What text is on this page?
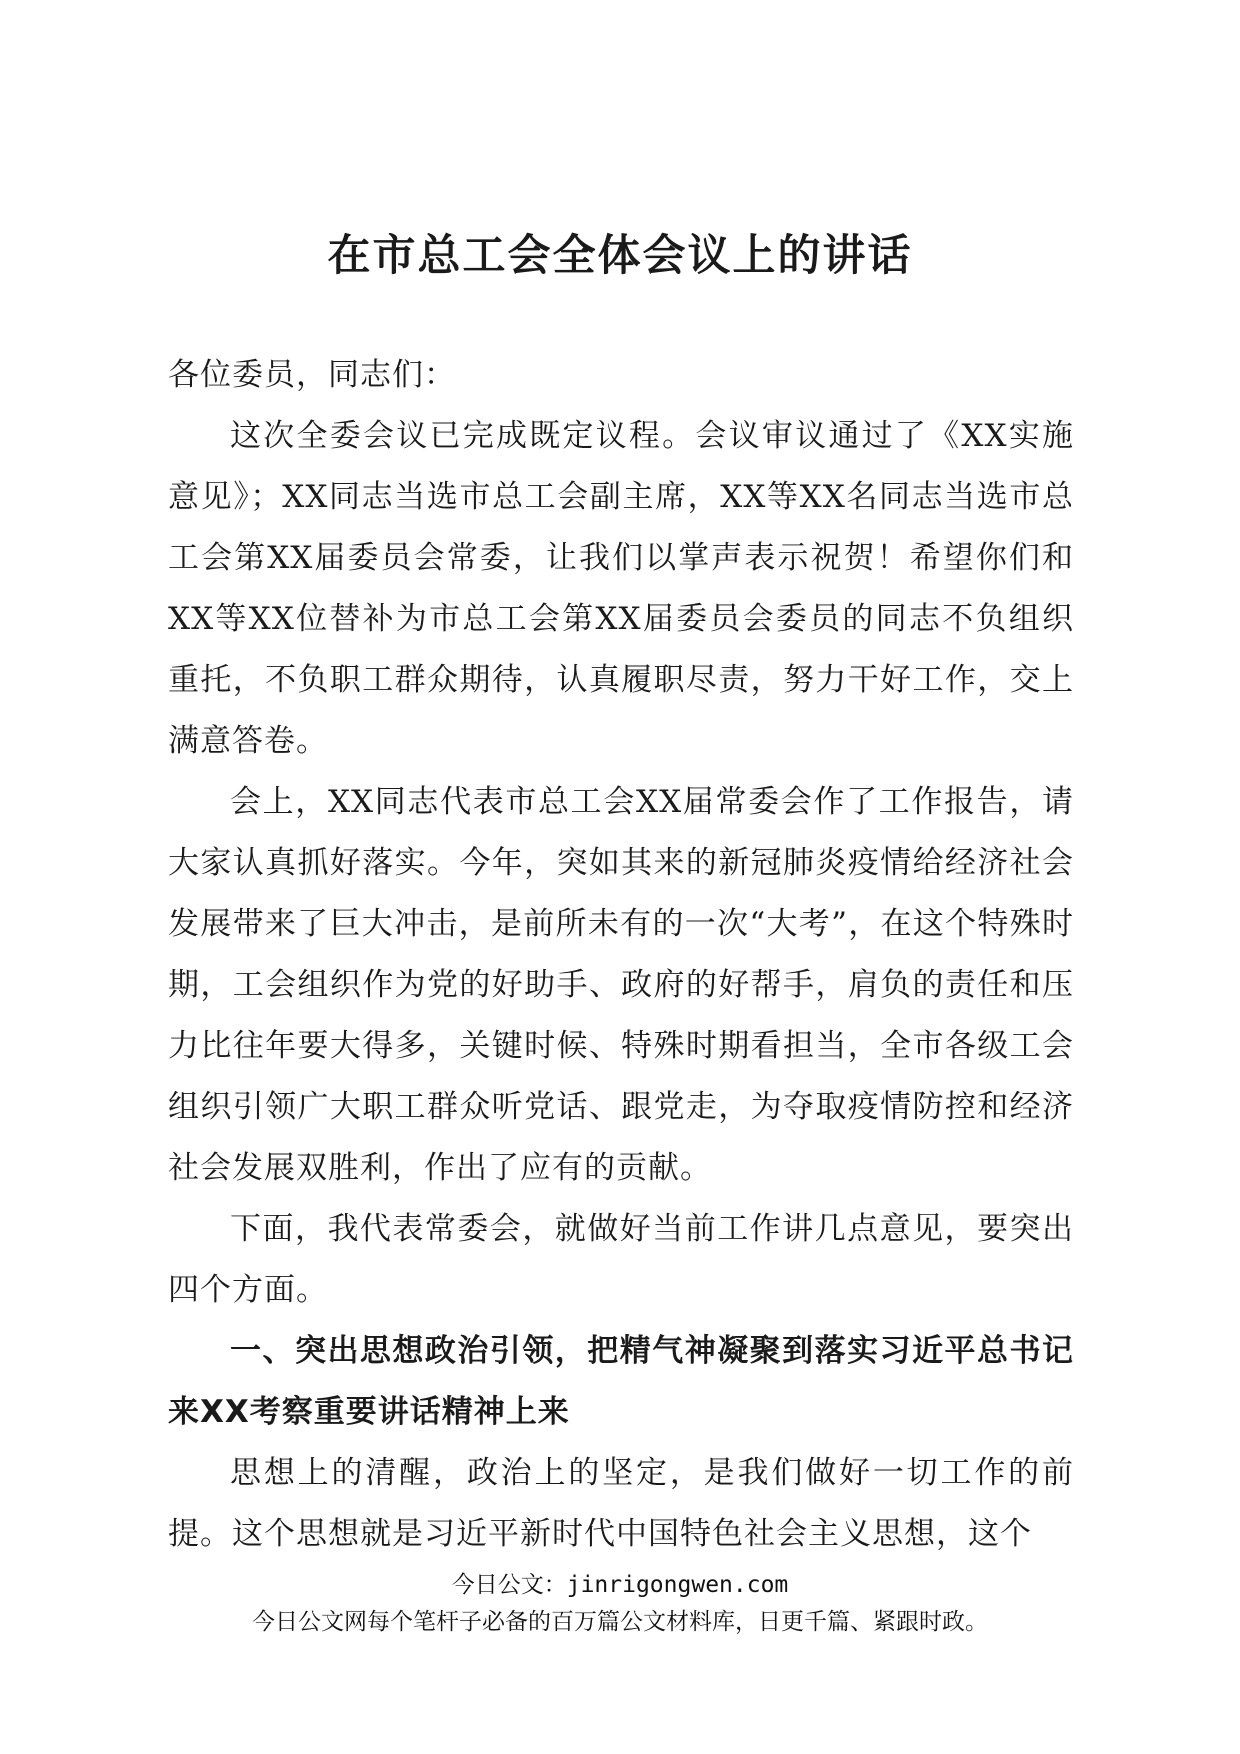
在市总工会全体会议上的讲话

各位委员，同志们：

这次全委会议已完成既定议程。会议审议通过了《XX实施意见》；XX同志当选市总工会副主席，XX等XX名同志当选市总工会第XX届委员会常委，让我们以掌声表示祝贺！希望你们和XX等XX位替补为市总工会第XX届委员会委员的同志不负组织重托，不负职工群众期待，认真履职尽责，努力干好工作，交上满意答卷。

会上，XX同志代表市总工会XX届常委会作了工作报告，请大家认真抓好落实。今年，突如其来的新冠肺炎疫情给经济社会发展带来了巨大冲击，是前所未有的一次“大考”，在这个特殊时期，工会组织作为党的好助手、政府的好帮手，肩负的责任和压力比往年要大得多，关键时候、特殊时期看担当，全市各级工会组织引领广大职工群众听党话、跟党走，为夺取疫情防控和经济社会发展双胜利，作出了应有的贡献。

下面，我代表常委会，就做好当前工作讲几点意见，要突出四个方面。

一、突出思想政治引领，把精气神凝聚到落实习近平总书记来XX考察重要讲话精神上来

思想上的清醒，政治上的坚定，是我们做好一切工作的前提。这个思想就是习近平新时代中国特色社会主义思想，这个

今日公文：jinrigongwen.com
今日公文网每个笔杆子必备的百万篇公文材料库，日更千篇、紧跟时政。
